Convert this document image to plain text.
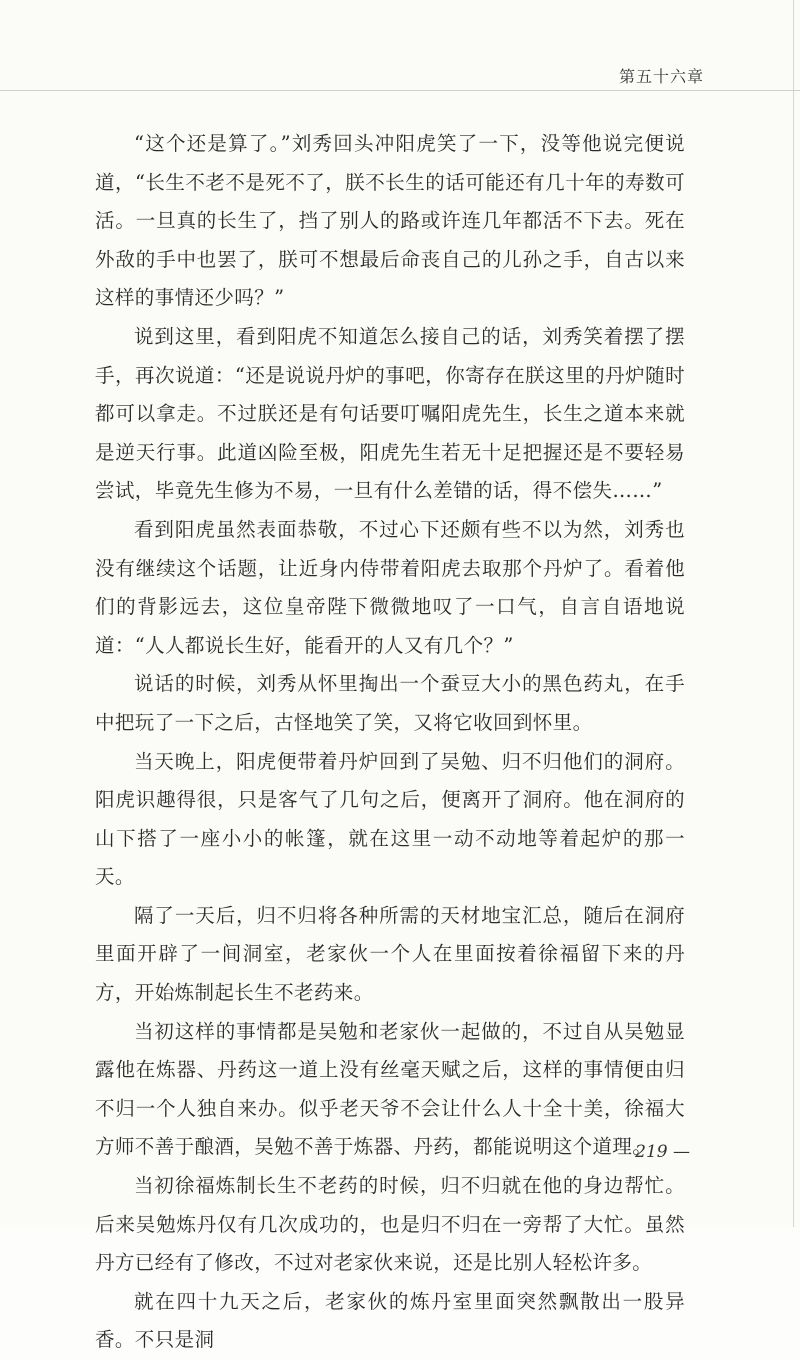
第五十六章

“这个还是算了。”刘秀回头冲阳虎笑了一下，没等他说完便说道，“长生不老不是死不了，朕不长生的话可能还有几十年的寿数可活。一旦真的长生了，挡了别人的路或许连几年都活不下去。死在外敌的手中也罢了，朕可不想最后命丧自己的儿孙之手，自古以来这样的事情还少吗？”

说到这里，看到阳虎不知道怎么接自己的话，刘秀笑着摆了摆手，再次说道：“还是说说丹炉的事吧，你寄存在朕这里的丹炉随时都可以拿走。不过朕还是有句话要叮嘱阳虎先生，长生之道本来就是逆天行事。此道凶险至极，阳虎先生若无十足把握还是不要轻易尝试，毕竟先生修为不易，一旦有什么差错的话，得不偿失……”

看到阳虎虽然表面恭敬，不过心下还颇有些不以为然，刘秀也没有继续这个话题，让近身内侍带着阳虎去取那个丹炉了。看着他们的背影远去，这位皇帝陛下微微地叹了一口气，自言自语地说道：“人人都说长生好，能看开的人又有几个？”

说话的时候，刘秀从怀里掏出一个蚕豆大小的黑色药丸，在手中把玩了一下之后，古怪地笑了笑，又将它收回到怀里。

当天晚上，阳虎便带着丹炉回到了吴勉、归不归他们的洞府。阳虎识趣得很，只是客气了几句之后，便离开了洞府。他在洞府的山下搭了一座小小的帐篷，就在这里一动不动地等着起炉的那一天。

隔了一天后，归不归将各种所需的天材地宝汇总，随后在洞府里面开辟了一间洞室，老家伙一个人在里面按着徐福留下来的丹方，开始炼制起长生不老药来。

当初这样的事情都是吴勉和老家伙一起做的，不过自从吴勉显露他在炼器、丹药这一道上没有丝毫天赋之后，这样的事情便由归不归一个人独自来办。似乎老天爷不会让什么人十全十美，徐福大方师不善于酿酒，吴勉不善于炼器、丹药，都能说明这个道理。

当初徐福炼制长生不老药的时候，归不归就在他的身边帮忙。后来吴勉炼丹仅有几次成功的，也是归不归在一旁帮了大忙。虽然丹方已经有了修改，不过对老家伙来说，还是比别人轻松许多。

就在四十九天之后，老家伙的炼丹室里面突然飘散出一股异香。不只是洞

219 —
